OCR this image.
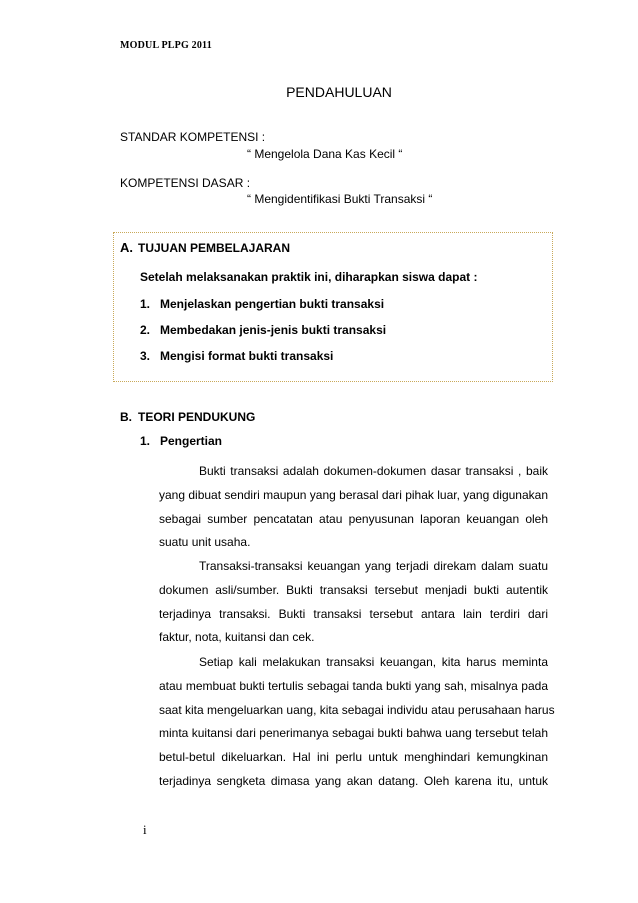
MODUL PLPG 2011
PENDAHULUAN
STANDAR KOMPETENSI :
“ Mengelola Dana Kas Kecil “
KOMPETENSI DASAR :
“ Mengidentifikasi Bukti Transaksi “
A. TUJUAN PEMBELAJARAN
Setelah melaksanakan praktik ini, diharapkan siswa dapat :
1. Menjelaskan pengertian bukti transaksi
2. Membedakan jenis-jenis bukti transaksi
3. Mengisi format bukti transaksi
B. TEORI PENDUKUNG
1. Pengertian
Bukti transaksi adalah dokumen-dokumen dasar transaksi , baik
yang dibuat sendiri maupun yang berasal dari pihak luar, yang digunakan
sebagai sumber pencatatan atau penyusunan laporan keuangan oleh
suatu unit usaha.
Transaksi-transaksi keuangan yang terjadi direkam dalam suatu
dokumen asli/sumber. Bukti transaksi tersebut menjadi bukti autentik
terjadinya transaksi. Bukti transaksi tersebut antara lain terdiri dari
faktur, nota, kuitansi dan cek.
Setiap kali melakukan transaksi keuangan, kita harus meminta
atau membuat bukti tertulis sebagai tanda bukti yang sah, misalnya pada
saat kita mengeluarkan uang, kita sebagai individu atau perusahaan harus
minta kuitansi dari penerimanya sebagai bukti bahwa uang tersebut telah
betul-betul dikeluarkan. Hal ini perlu untuk menghindari kemungkinan
terjadinya sengketa dimasa yang akan datang. Oleh karena itu, untuk
i
